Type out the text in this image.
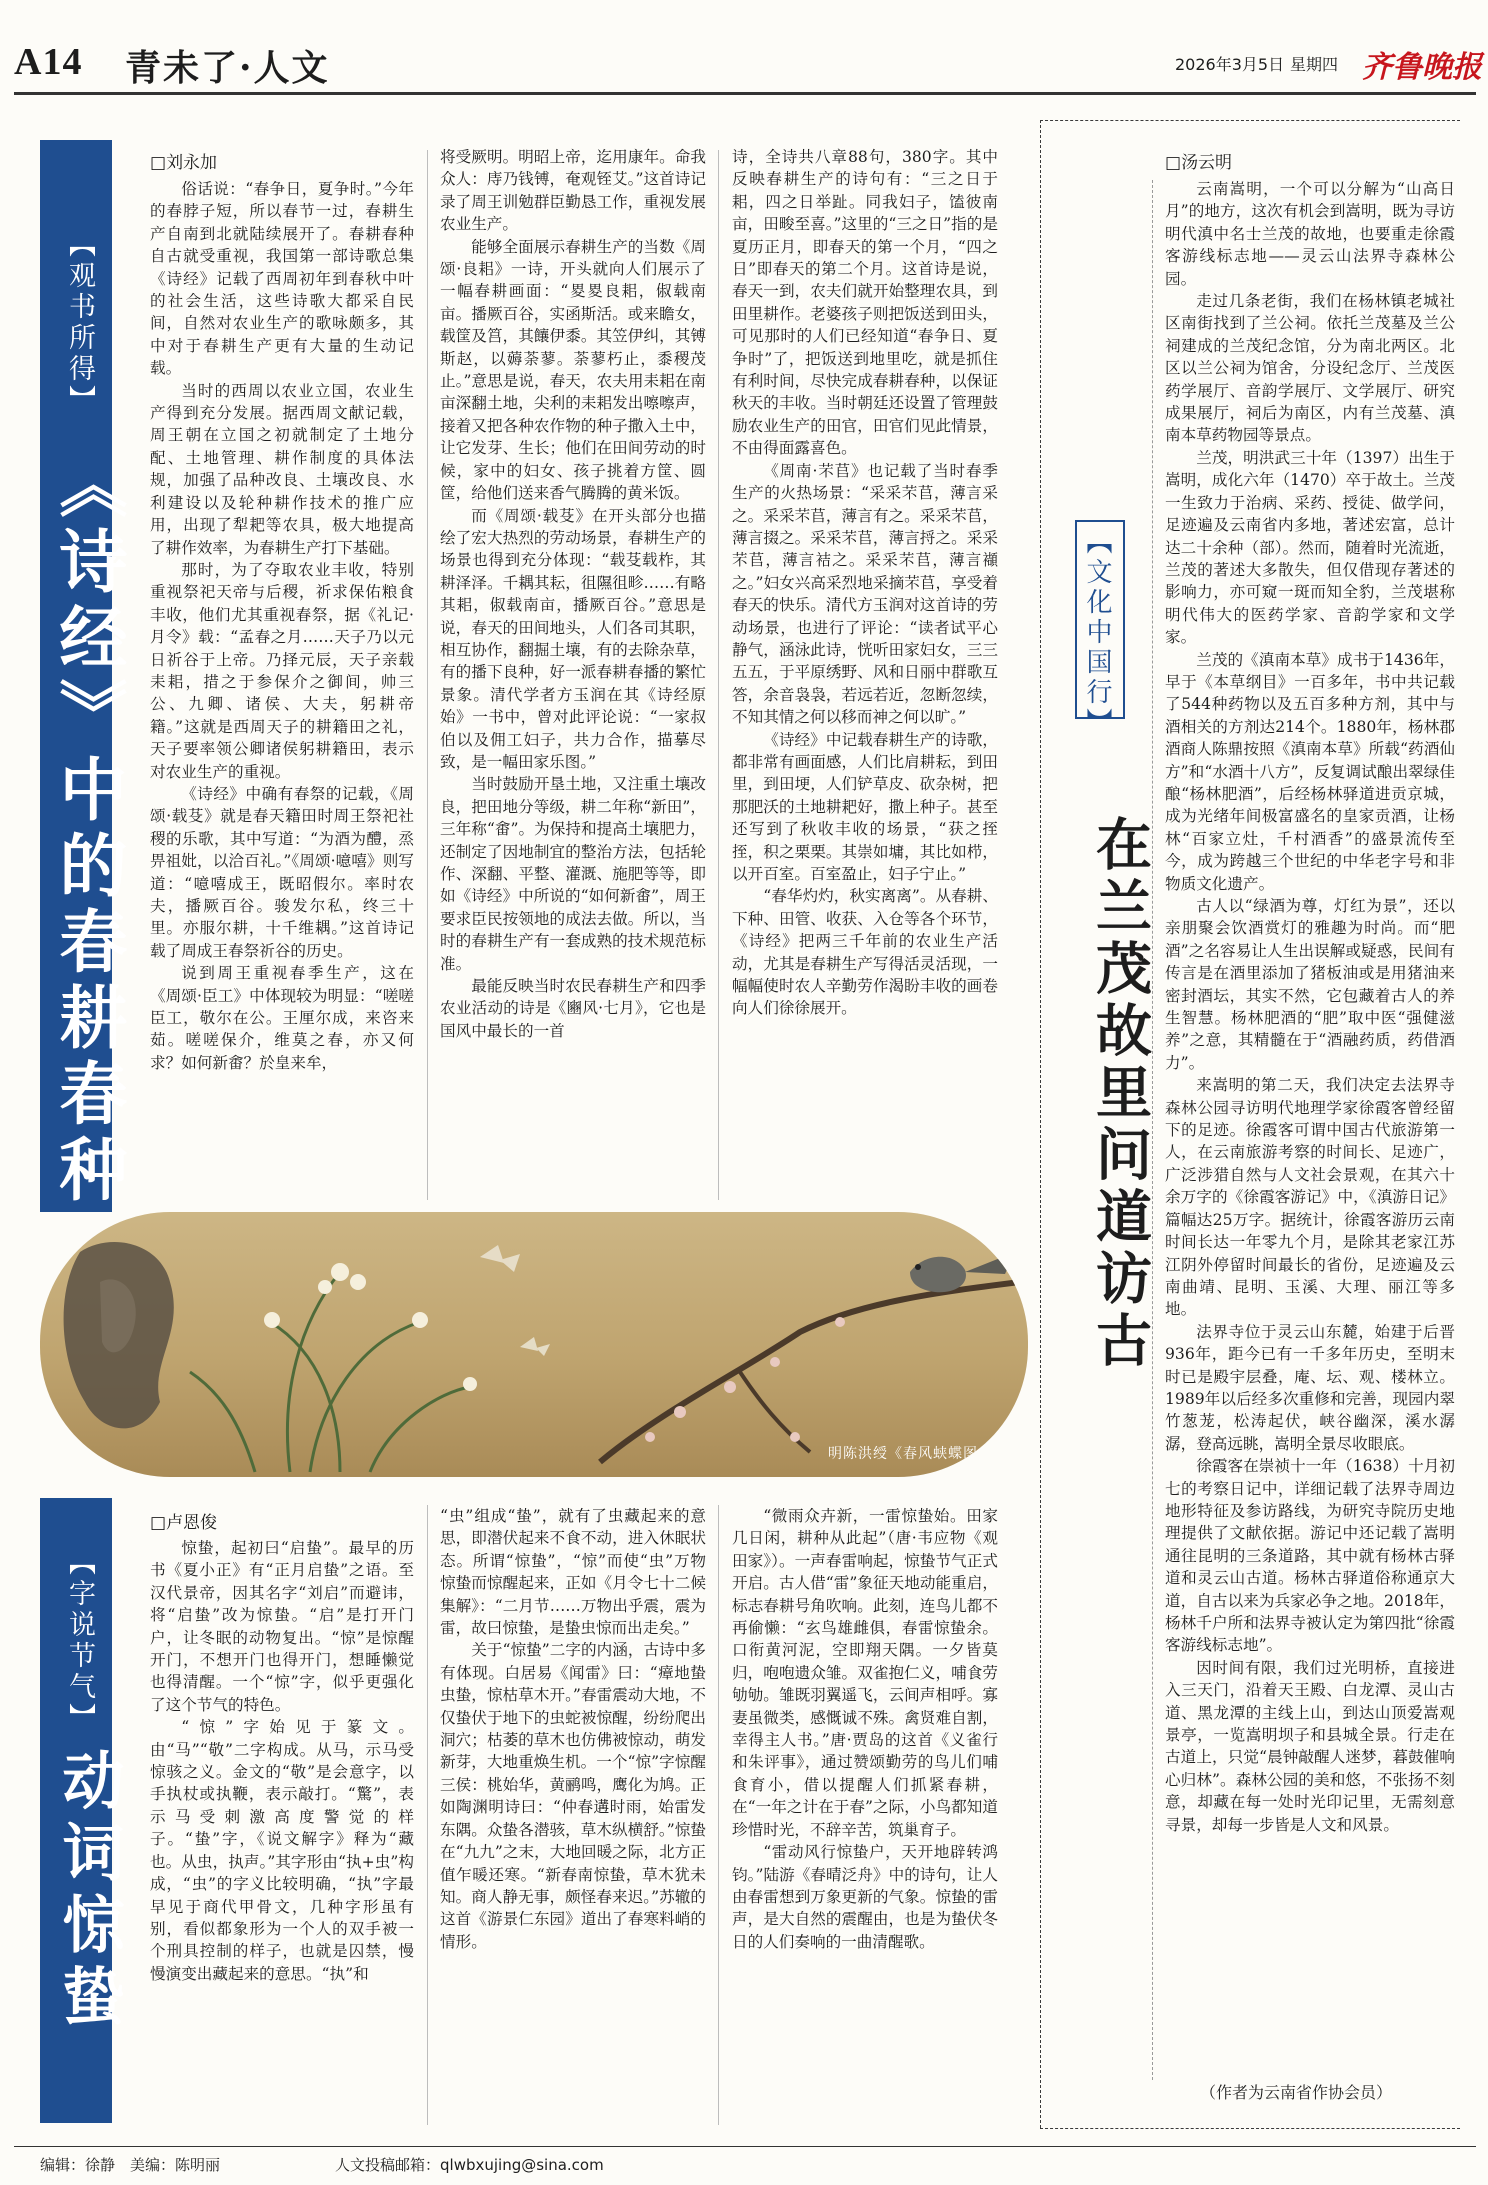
A14 青未了·人文	2026年3月5日 星期四 齐鲁晚报
【观书所得】
《诗经》中的春耕春种
□ 刘永加

俗话说：“春争日，夏争时。”今年的春脖子短，所以春节一过，春耕生产自南到北就陆续展开了。春耕春种自古就受重视，我国第一部诗歌总集《诗经》记载了西周初年到春秋中叶的社会生活，这些诗歌大都采自民间，自然对农业生产的歌咏颇多，其中对于春耕生产更有大量的生动记载。

当时的西周以农业立国，农业生产得到充分发展。据西周文献记载，周王朝在立国之初就制定了土地分配、土地管理、耕作制度的具体法规，加强了品种改良、土壤改良、水利建设以及轮种耕作技术的推广应用，出现了犁耙等农具，极大地提高了耕作效率，为春耕生产打下基础。

那时，为了夺取农业丰收，特别重视祭祀天帝与后稷，祈求保佑粮食丰收，他们尤其重视春祭，据《礼记·月令》载：“孟春之月……天子乃以元日祈谷于上帝。乃择元辰，天子亲载耒耜，措之于参保介之御间，帅三公、九卿、诸侯、大夫，躬耕帝籍。”这就是西周天子的耕籍田之礼，天子要率领公卿诸侯躬耕籍田，表示对农业生产的重视。

《诗经》中确有春祭的记载，《周颂·载芟》就是春天籍田时周王祭祀社稷的乐歌，其中写道：“为酒为醴，烝畀祖妣，以洽百礼。”《周颂·噫嘻》则写道：“噫嘻成王，既昭假尔。率时农夫，播厥百谷。骏发尔私，终三十里。亦服尔耕，十千维耦。”这首诗记载了周成王春祭祈谷的历史。

说到周王重视春季生产，这在《周颂·臣工》中体现较为明显：“嗟嗟臣工，敬尔在公。王厘尔成，来咨来茹。嗟嗟保介，维莫之春，亦又何求？如何新畬？於皇来牟，

将受厥明。明昭上帝，迄用康年。命我众人：庤乃钱镈，奄观铚艾。”这首诗记录了周王训勉群臣勤恳工作，重视发展农业生产。

能够全面展示春耕生产的当数《周颂·良耜》一诗，开头就向人们展示了一幅春耕画面：“畟畟良耜，俶载南亩。播厥百谷，实函斯活。或来瞻女，载筐及筥，其饟伊黍。其笠伊纠，其镈斯赵，以薅荼蓼。荼蓼朽止，黍稷茂止。”意思是说，春天，农夫用耒耜在南亩深翻土地，尖利的耒耜发出嚓嚓声，接着又把各种农作物的种子撒入土中，让它发芽、生长；他们在田间劳动的时候，家中的妇女、孩子挑着方筐、圆筐，给他们送来香气腾腾的黄米饭。

而《周颂·载芟》在开头部分也描绘了宏大热烈的劳动场景，春耕生产的场景也得到充分体现：“载芟载柞，其耕泽泽。千耦其耘，徂隰徂畛……有略其耜，俶载南亩，播厥百谷。”意思是说，春天的田间地头，人们各司其职，相互协作，翻掘土壤，有的去除杂草，有的播下良种，好一派春耕春播的繁忙景象。清代学者方玉润在其《诗经原始》一书中，曾对此评论说：“一家叔伯以及佣工妇子，共力合作，描摹尽致，是一幅田家乐图。”

当时鼓励开垦土地，又注重土壤改良，把田地分等级，耕二年称“新田”，三年称“畬”。为保持和提高土壤肥力，还制定了因地制宜的整治方法，包括轮作、深翻、平整、灌溉、施肥等等，即如《诗经》中所说的“如何新畬”，周王要求臣民按领地的成法去做。所以，当时的春耕生产有一套成熟的技术规范标准。

最能反映当时农民春耕生产和四季农业活动的诗是《豳风·七月》，它也是国风中最长的一首

诗，全诗共八章88句，380字。其中反映春耕生产的诗句有：“三之日于耜，四之日举趾。同我妇子，馌彼南亩，田畯至喜。”这里的“三之日”指的是夏历正月，即春天的第一个月，“四之日”即春天的第二个月。这首诗是说，春天一到，农夫们就开始整理农具，到田里耕作。老婆孩子则把饭送到田头，可见那时的人们已经知道“春争日、夏争时”了，把饭送到地里吃，就是抓住有利时间，尽快完成春耕春种，以保证秋天的丰收。当时朝廷还设置了管理鼓励农业生产的田官，田官们见此情景，不由得面露喜色。

《周南·芣苢》也记载了当时春季生产的火热场景：“采采芣苢，薄言采之。采采芣苢，薄言有之。采采芣苢，薄言掇之。采采芣苢，薄言捋之。采采芣苢，薄言袺之。采采芣苢，薄言襭之。”妇女兴高采烈地采摘芣苢，享受着春天的快乐。清代方玉润对这首诗的劳动场景，也进行了评论：“读者试平心静气，涵泳此诗，恍听田家妇女，三三五五，于平原绣野、风和日丽中群歌互答，余音袅袅，若远若近，忽断忽续，不知其情之何以移而神之何以旷。”

《诗经》中记载春耕生产的诗歌，都非常有画面感，人们比肩耕耘，到田里，到田埂，人们铲草皮、砍杂树，把那肥沃的土地耕耙好，撒上种子。甚至还写到了秋收丰收的场景，“获之挃挃，积之栗栗。其崇如墉，其比如栉，以开百室。百室盈止，妇子宁止。”

“春华灼灼，秋实离离”。从春耕、下种、田管、收获、入仓等各个环节，《诗经》把两三千年前的农业生产活动，尤其是春耕生产写得活灵活现，一幅幅使时农人辛勤劳作渴盼丰收的画卷向人们徐徐展开。

明陈洪绶《春风蛱蝶图卷》
【字说节气】
动词惊蛰
□ 卢恩俊

惊蛰，起初曰“启蛰”。最早的历书《夏小正》有“正月启蛰”之语。至汉代景帝，因其名字“刘启”而避讳，将“启蛰”改为惊蛰。“启”是打开门户，让冬眠的动物复出。“惊”是惊醒开门，不想开门也得开门，想睡懒觉也得清醒。一个“惊”字，似乎更强化了这个节气的特色。

“惊”字始见于篆文。由“马”“敬”二字构成。从马，示马受惊骇之义。金文的“敬”是会意字，以手执杖或执鞭，表示敲打。“驚”，表示马受刺激高度警觉的样子。“蛰”字，《说文解字》释为“藏也。从虫，执声。”其字形由“执+虫”构成，“虫”的字义比较明确，“执”字最早见于商代甲骨文，几种字形虽有别，看似都象形为一个人的双手被一个刑具控制的样子，也就是囚禁，慢慢演变出藏起来的意思。“执”和

“虫”组成“蛰”，就有了虫藏起来的意思，即潜伏起来不食不动，进入休眠状态。所谓“惊蛰”，“惊”而使“虫”万物惊蛰而惊醒起来，正如《月令七十二候集解》：“二月节……万物出乎震，震为雷，故曰惊蛰，是蛰虫惊而出走矣。”

关于“惊蛰”二字的内涵，古诗中多有体现。白居易《闻雷》曰：“瘴地蛰虫蛰，惊枯草木开。”春雷震动大地，不仅蛰伏于地下的虫蛇被惊醒，纷纷爬出洞穴；枯萎的草木也仿佛被惊动，萌发新芽，大地重焕生机。一个“惊”字惊醒三侯：桃始华，黄鹂鸣，鹰化为鸠。正如陶渊明诗曰：“仲春遘时雨，始雷发东隅。众蛰各潜骇，草木纵横舒。”惊蛰在“九九”之末，大地回暖之际，北方正值乍暖还寒。“新春南惊蛰，草木犹未知。商人静无事，颇怪春来迟。”苏辙的这首《游景仁东园》道出了春寒料峭的情形。

“微雨众卉新，一雷惊蛰始。田家几日闲，耕种从此起”（唐·韦应物《观田家》）。一声春雷响起，惊蛰节气正式开启。古人借“雷”象征天地动能重启，标志春耕号角吹响。此刻，连鸟儿都不再偷懒：“玄鸟雄雌俱，春雷惊蛰余。口衔黄河泥，空即翔天隅。一夕皆莫归，咆咆遗众雏。双雀抱仁义，哺食劳劬劬。雏既羽翼遥飞，云间声相呼。寡妻虽微类，感慨诚不殊。禽贤难自割，幸得主人书。”唐·贾岛的这首《义雀行和朱评事》，通过赞颂勤劳的鸟儿们哺食育小，借以提醒人们抓紧春耕，在“一年之计在于春”之际，小鸟都知道珍惜时光，不辞辛苦，筑巢育子。

“雷动风行惊蛰户，天开地辟转鸿钧。”陆游《春晴泛舟》中的诗句，让人由春雷想到万象更新的气象。惊蛰的雷声，是大自然的震醒由，也是为蛰伏冬日的人们奏响的一曲清醒歌。

【文化中国行】
在兰茂故里问道访古
□ 汤云明

云南嵩明，一个可以分解为“山高日月”的地方，这次有机会到嵩明，既为寻访明代滇中名士兰茂的故地，也要重走徐霞客游线标志地——灵云山法界寺森林公园。

走过几条老街，我们在杨林镇老城社区南街找到了兰公祠。依托兰茂墓及兰公祠建成的兰茂纪念馆，分为南北两区。北区以兰公祠为馆舍，分设纪念厅、兰茂医药学展厅、音韵学展厅、文学展厅、研究成果展厅，祠后为南区，内有兰茂墓、滇南本草药物园等景点。

兰茂，明洪武三十年（1397）出生于嵩明，成化六年（1470）卒于故土。兰茂一生致力于治病、采药、授徒、做学问，足迹遍及云南省内多地，著述宏富，总计达二十余种（部）。然而，随着时光流逝，兰茂的著述大多散失，但仅借现存著述的影响力，亦可窥一斑而知全豹，兰茂堪称明代伟大的医药学家、音韵学家和文学家。

兰茂的《滇南本草》成书于1436年，早于《本草纲目》一百多年，书中共记载了544种药物以及五百多种方剂，其中与酒相关的方剂达214个。1880年，杨林郡酒商人陈鼎按照《滇南本草》所载“药酒仙方”和“水酒十八方”，反复调试酿出翠绿佳酿“杨林肥酒”，后经杨林驿道进贡京城，成为光绪年间极富盛名的皇家贡酒，让杨林“百家立灶，千村酒香”的盛景流传至今，成为跨越三个世纪的中华老字号和非物质文化遗产。

古人以“绿酒为尊，灯红为景”，还以亲朋聚会饮酒赏灯的雅趣为时尚。而“肥酒”之名容易让人生出误解或疑惑，民间有传言是在酒里添加了猪板油或是用猪油来密封酒坛，其实不然，它包藏着古人的养生智慧。杨林肥酒的“肥”取中医“强健滋养”之意，其精髓在于“酒融药质，药借酒力”。

来嵩明的第二天，我们决定去法界寺森林公园寻访明代地理学家徐霞客曾经留下的足迹。徐霞客可谓中国古代旅游第一人，在云南旅游考察的时间长、足迹广，广泛涉猎自然与人文社会景观，在其六十余万字的《徐霞客游记》中，《滇游日记》篇幅达25万字。据统计，徐霞客游历云南时间长达一年零九个月，是除其老家江苏江阴外停留时间最长的省份，足迹遍及云南曲靖、昆明、玉溪、大理、丽江等多地。

法界寺位于灵云山东麓，始建于后晋936年，距今已有一千多年历史，至明末时已是殿宇层叠，庵、坛、观、楼林立。1989年以后经多次重修和完善，现园内翠竹葱茏，松涛起伏，峡谷幽深，溪水潺潺，登高远眺，嵩明全景尽收眼底。

徐霞客在崇祯十一年（1638）十月初七的考察日记中，详细记载了法界寺周边地形特征及参访路线，为研究寺院历史地理提供了文献依据。游记中还记载了嵩明通往昆明的三条道路，其中就有杨林古驿道和灵云山古道。杨林古驿道俗称通京大道，自古以来为兵家必争之地。2018年，杨林千户所和法界寺被认定为第四批“徐霞客游线标志地”。

因时间有限，我们过光明桥，直接进入三天门，沿着天王殿、白龙潭、灵山古道、黑龙潭的主线上山，到达山顶爱嵩观景亭，一览嵩明坝子和县城全景。行走在古道上，只觉“晨钟敲醒人迷梦，暮鼓催响心归林”。森林公园的美和悠，不张扬不刻意，却藏在每一处时光印记里，无需刻意寻景，却每一步皆是人文和风景。

（作者为云南省作协会员）
编辑：徐静 美编：陈明丽	人文投稿邮箱：qlwbxujing@sina.com
